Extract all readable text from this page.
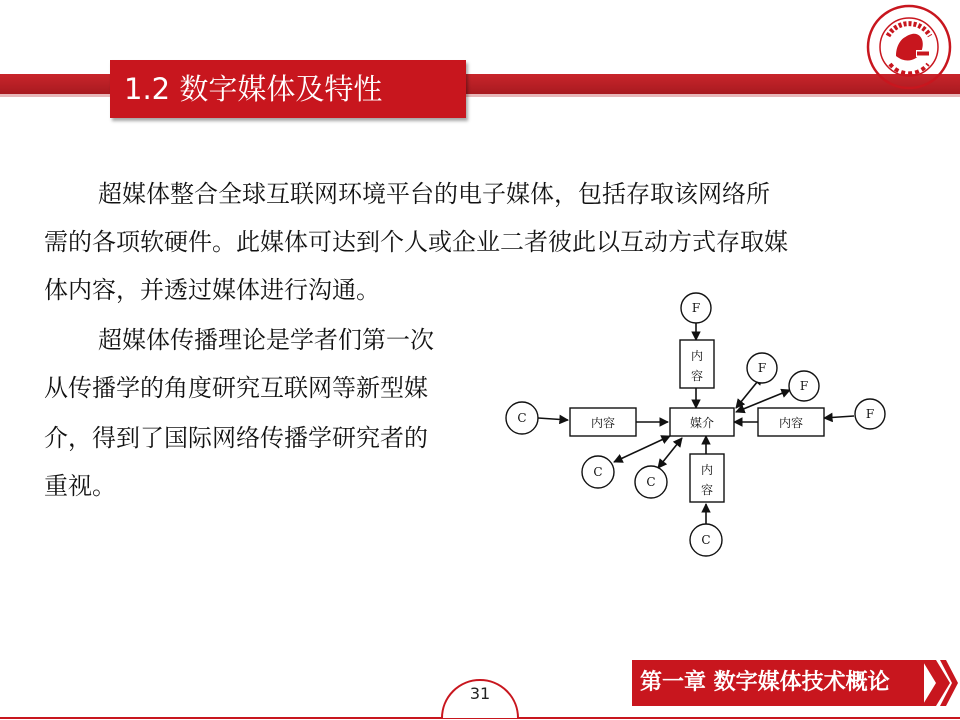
1.2 数字媒体及特性

超媒体整合全球互联网环境平台的电子媒体，包括存取该网络所

需的各项软硬件。此媒体可达到个人或企业二者彼此以互动方式存取媒

体内容，并透过媒体进行沟通。

超媒体传播理论是学者们第一次

从传播学的角度研究互联网等新型媒

介，得到了国际网络传播学研究者的

重视。

媒介
内容	内容
内
容
内
容
F
F
F
F
C
C
C
C
31	第一章 数字媒体技术概论
